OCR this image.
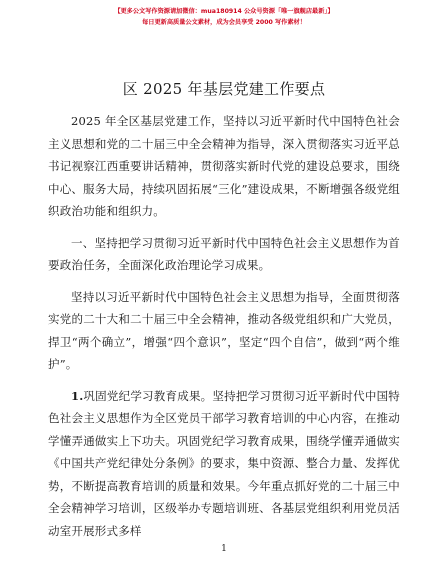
【更多公文写作资源请加微信：mua180914 公众号资源「唯一旗舰店最新」】
每日更新高质量公文素材，成为会员享受 2000 写作素材！
区 2025 年基层党建工作要点

2025 年全区基层党建工作，坚持以习近平新时代中国特色社会主义思想和党的二十届三中全会精神为指导，深入贯彻落实习近平总书记视察江西重要讲话精神，贯彻落实新时代党的建设总要求，围绕中心、服务大局，持续巩固拓展“三化”建设成果，不断增强各级党组织政治功能和组织力。

一、坚持把学习贯彻习近平新时代中国特色社会主义思想作为首要政治任务，全面深化政治理论学习成果。

坚持以习近平新时代中国特色社会主义思想为指导，全面贯彻落实党的二十大和二十届三中全会精神，推动各级党组织和广大党员，捍卫“两个确立”，增强“四个意识”，坚定“四个自信”，做到“两个维护”。

1.巩固党纪学习教育成果。坚持把学习贯彻习近平新时代中国特色社会主义思想作为全区党员干部学习教育培训的中心内容，在推动学懂弄通做实上下功夫。巩固党纪学习教育成果，围绕学懂弄通做实《中国共产党纪律处分条例》的要求，集中资源、整合力量、发挥优势，不断提高教育培训的质量和效果。今年重点抓好党的二十届三中全会精神学习培训，区级举办专题培训班、各基层党组织利用党员活动室开展形式多样

1
